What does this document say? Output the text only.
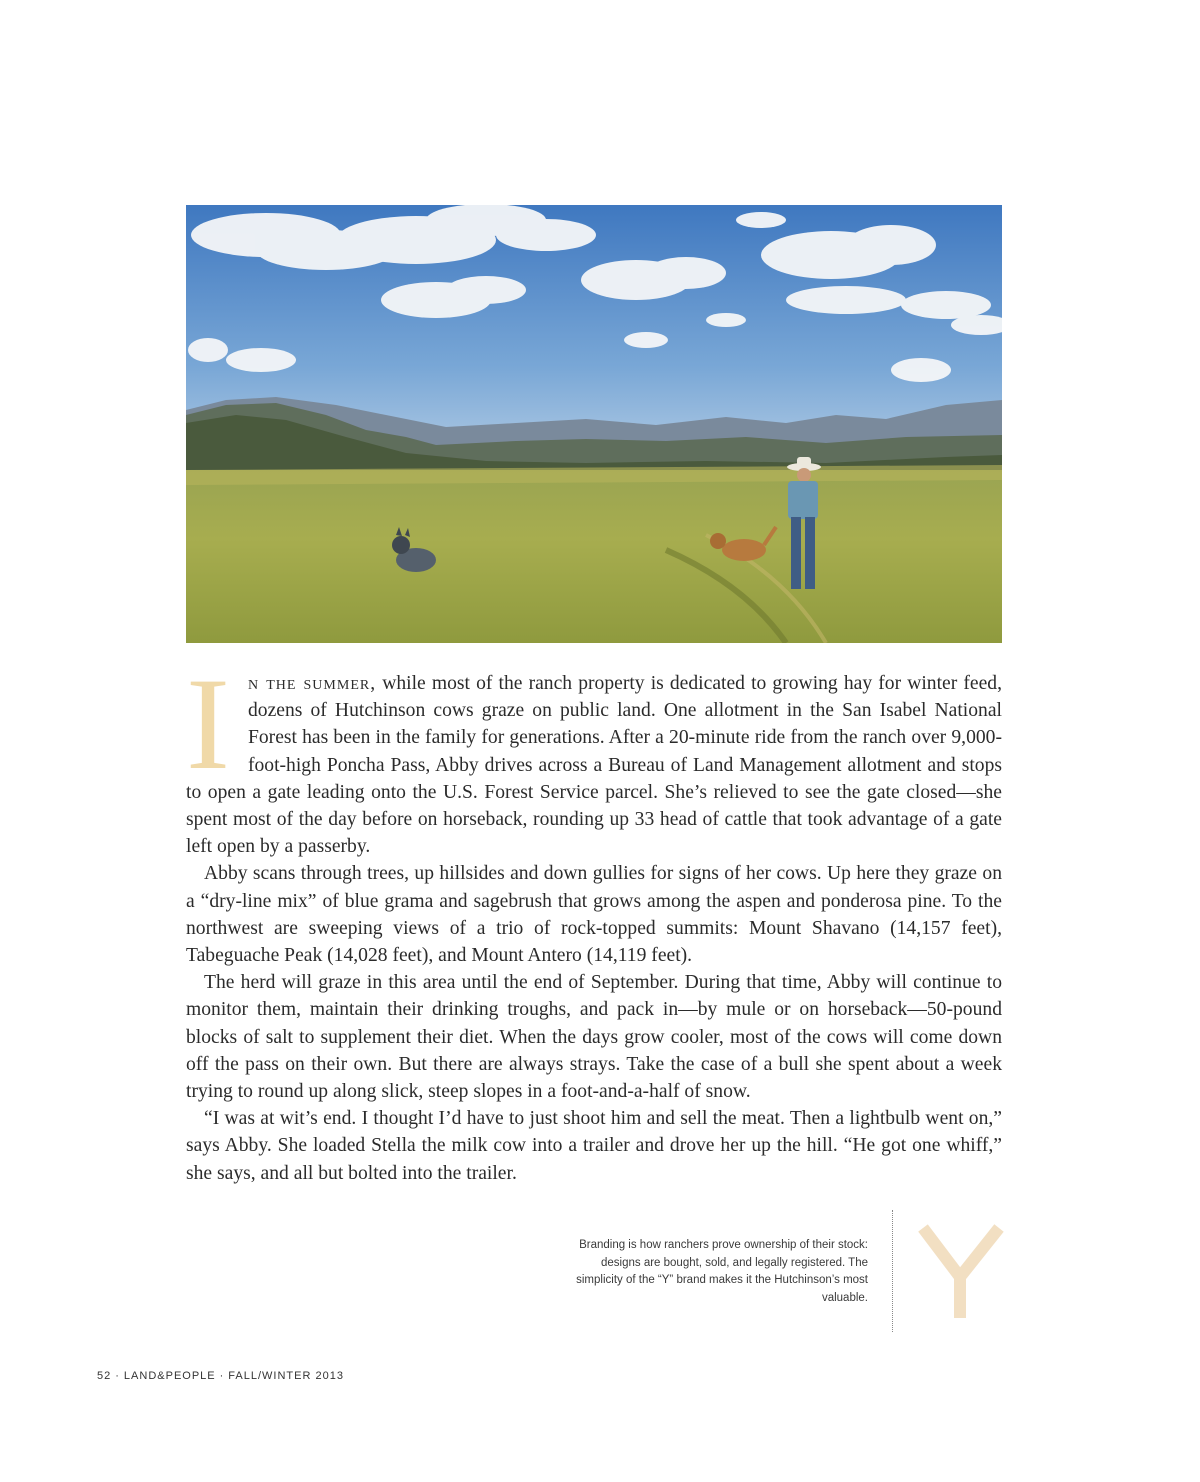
In the summer, while most of the ranch property is dedicated to growing hay for winter feed, dozens of Hutchinson cows graze on public land. One allotment in the San Isabel National Forest has been in the family for generations. After a 20-minute ride from the ranch over 9,000-foot-high Poncha Pass, Abby drives across a Bureau of Land Management allotment and stops to open a gate leading onto the U.S. Forest Service parcel. She’s relieved to see the gate closed—she spent most of the day before on horseback, rounding up 33 head of cattle that took advantage of a gate left open by a passerby.

Abby scans through trees, up hillsides and down gullies for signs of her cows. Up here they graze on a “dry-line mix” of blue grama and sagebrush that grows among the aspen and ponderosa pine. To the northwest are sweeping views of a trio of rock-topped summits: Mount Shavano (14,157 feet), Tabeguache Peak (14,028 feet), and Mount Antero (14,119 feet).

The herd will graze in this area until the end of September. During that time, Abby will continue to monitor them, maintain their drinking troughs, and pack in—by mule or on horseback—50-pound blocks of salt to supplement their diet. When the days grow cooler, most of the cows will come down off the pass on their own. But there are always strays. Take the case of a bull she spent about a week trying to round up along slick, steep slopes in a foot-and-a-half of snow.

“I was at wit’s end. I thought I’d have to just shoot him and sell the meat. Then a lightbulb went on,” says Abby. She loaded Stella the milk cow into a trailer and drove her up the hill. “He got one whiff,” she says, and all but bolted into the trailer.

Branding is how ranchers prove ownership of their stock: designs are bought, sold, and legally registered. The simplicity of the “Y” brand makes it the Hutchinson’s most valuable.
52 · LAND&PEOPLE · FALL/WINTER 2013
